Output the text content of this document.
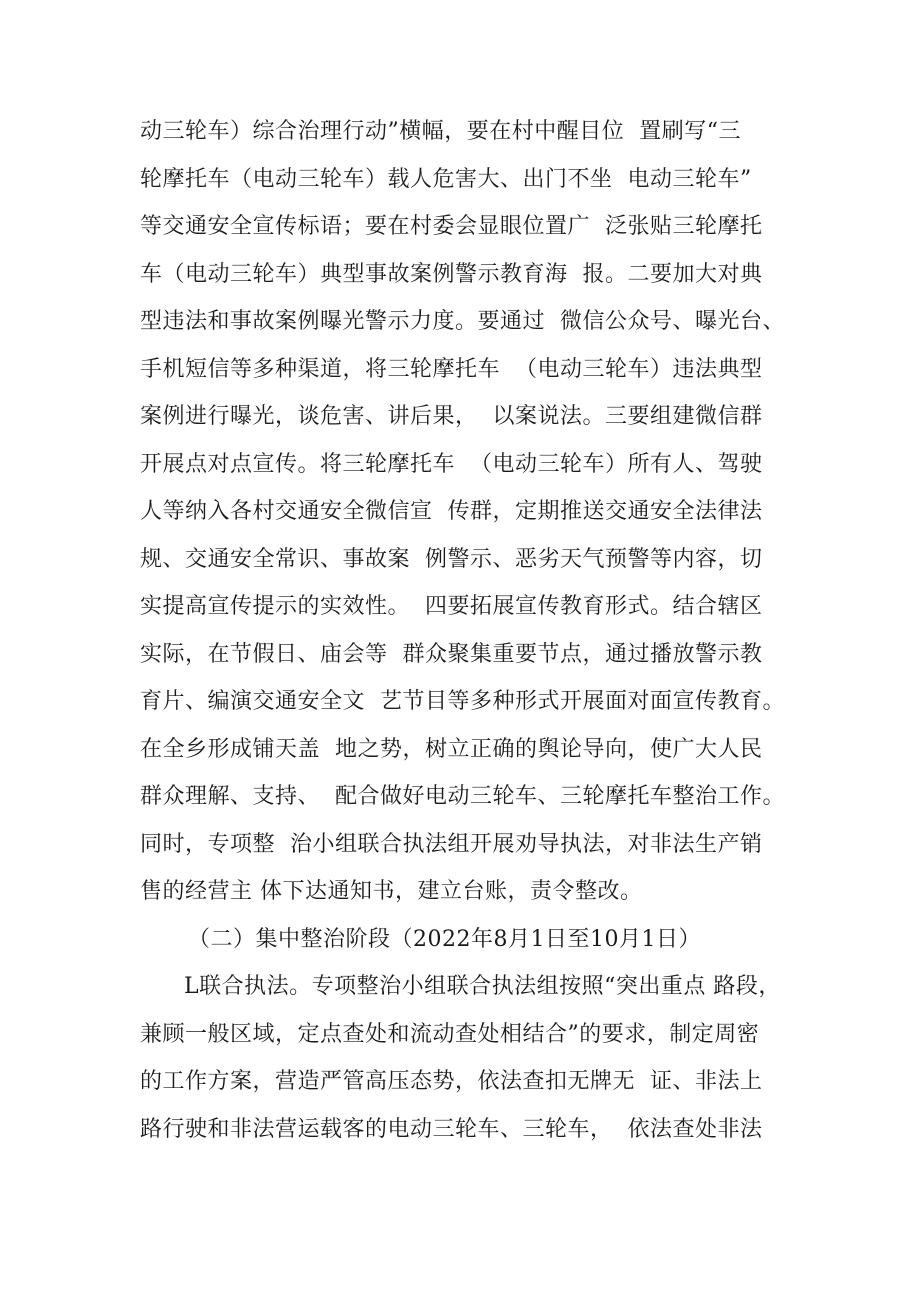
动三轮车）综合治理行动”横幅，要在村中醒目位  置刷写“三
轮摩托车（电动三轮车）载人危害大、出门不坐  电动三轮车”
等交通安全宣传标语；要在村委会显眼位置广  泛张贴三轮摩托
车（电动三轮车）典型事故案例警示教育海  报。二要加大对典
型违法和事故案例曝光警示力度。要通过  微信公众号、曝光台、
手机短信等多种渠道，将三轮摩托车  （电动三轮车）违法典型
案例进行曝光，谈危害、讲后果，  以案说法。三要组建微信群
开展点对点宣传。将三轮摩托车  （电动三轮车）所有人、驾驶
人等纳入各村交通安全微信宣  传群，定期推送交通安全法律法
规、交通安全常识、事故案  例警示、恶劣天气预警等内容，切
实提高宣传提示的实效性。  四要拓展宣传教育形式。结合辖区
实际，在节假日、庙会等  群众聚集重要节点，通过播放警示教
育片、编演交通安全文  艺节目等多种形式开展面对面宣传教育。
在全乡形成铺天盖  地之势，树立正确的舆论导向，使广大人民
群众理解、支持、  配合做好电动三轮车、三轮摩托车整治工作。
同时，专项整  治小组联合执法组开展劝导执法，对非法生产销
售的经营主 体下达通知书，建立台账，责令整改。
（二）集中整治阶段（2022年8月1日至10月1日）
L联合执法。专项整治小组联合执法组按照“突出重点 路段，
兼顾一般区域，定点查处和流动查处相结合”的要求，制定周密
的工作方案，营造严管高压态势，依法查扣无牌无  证、非法上
路行驶和非法营运载客的电动三轮车、三轮车，  依法查处非法
